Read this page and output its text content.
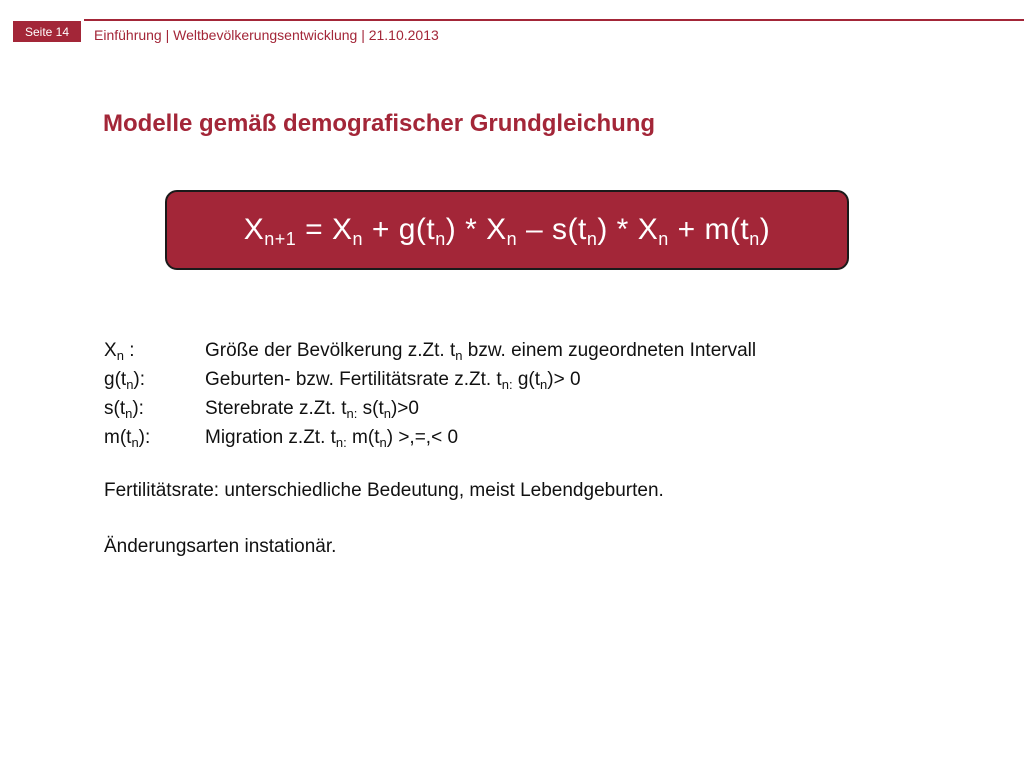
Seite 14 Einführung | Weltbevölkerungsentwicklung | 21.10.2013
Modelle gemäß demografischer Grundgleichung
$X_{n+1} = X_n + g(t_n) * X_n - s(t_n) * X_n + m(t_n)$
$X_n$ :	Größe der Bevölkerung z.Zt. $t_n$ bzw. einem zugeordneten Intervall
$g(t_n)$:	Geburten- bzw. Fertilitätsrate z.Zt. $t_{n:}$ $g(t_n)> 0$
$s(t_n)$:	Sterebrate z.Zt. $t_{n:}$ $s(t_n)>0$
$m(t_n)$:	Migration z.Zt. $t_{n:}$ $m(t_n)$ >,=,< 0

Fertilitätsrate: unterschiedliche Bedeutung, meist Lebendgeburten.

Änderungsarten instationär.
